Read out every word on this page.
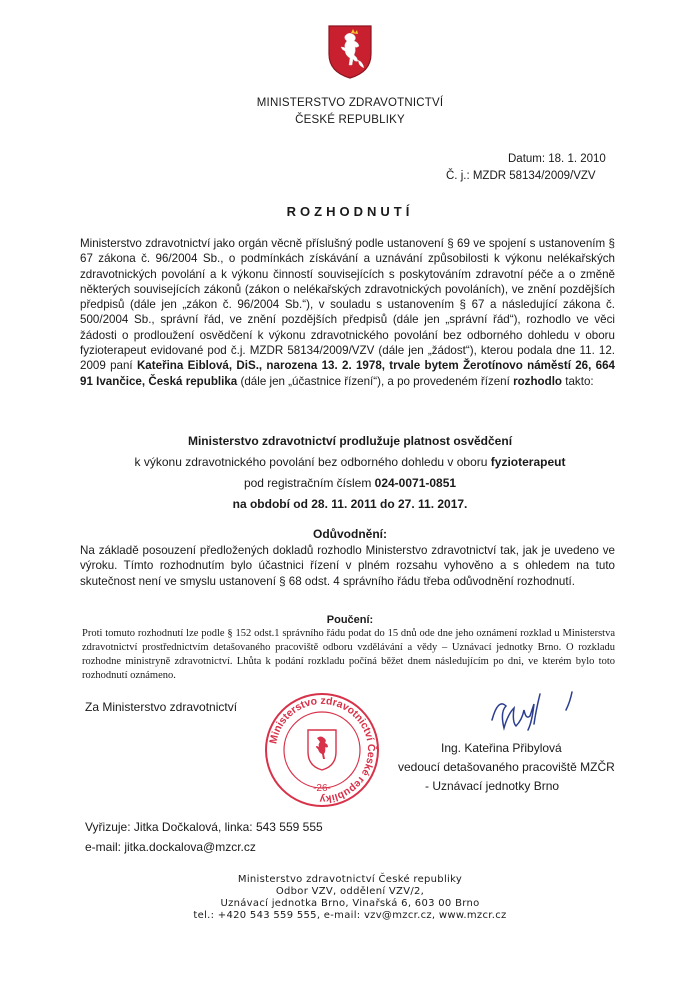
MINISTERSTVO ZDRAVOTNICTVÍ
ČESKÉ REPUBLIKY
Datum: 18. 1. 2010
Č. j.: MZDR 58134/2009/VZV
ROZHODNUTÍ
Ministerstvo zdravotnictví jako orgán věcně příslušný podle ustanovení § 69 ve spojení s ustanovením § 67 zákona č. 96/2004 Sb., o podmínkách získávání a uznávání způsobilosti k výkonu nelékařských zdravotnických povolání a k výkonu činností souvisejících s poskytováním zdravotní péče a o změně některých souvisejících zákonů (zákon o nelékařských zdravotnických povoláních), ve znění pozdějších předpisů (dále jen „zákon č. 96/2004 Sb.“), v souladu s ustanovením § 67 a následující zákona č. 500/2004 Sb., správní řád, ve znění pozdějších předpisů (dále jen „správní řád“), rozhodlo ve věci žádosti o prodloužení osvědčení k výkonu zdravotnického povolání bez odborného dohledu v oboru fyzioterapeut evidované pod č.j. MZDR 58134/2009/VZV (dále jen „žádost“), kterou podala dne 11. 12. 2009 paní Kateřina Eiblová, DiS., narozena 13. 2. 1978, trvale bytem Žerotínovo náměstí 26, 664 91 Ivančice, Česká republika (dále jen „účastnice řízení“), a po provedeném řízení rozhodlo takto:
Ministerstvo zdravotnictví prodlužuje platnost osvědčení
k výkonu zdravotnického povolání bez odborného dohledu v oboru fyzioterapeut
pod registračním číslem 024-0071-0851
na období od 28. 11. 2011 do 27. 11. 2017.
Odůvodnění:
Na základě posouzení předložených dokladů rozhodlo Ministerstvo zdravotnictví tak, jak je uvedeno ve výroku. Tímto rozhodnutím bylo účastnici řízení v plném rozsahu vyhověno a s ohledem na tuto skutečnost není ve smyslu ustanovení § 68 odst. 4 správního řádu třeba odůvodnění rozhodnutí.
Poučení:
Proti tomuto rozhodnutí lze podle § 152 odst.1 správního řádu podat do 15 dnů ode dne jeho oznámení rozklad u Ministerstva zdravotnictví prostřednictvím detašovaného pracoviště odboru vzdělávání a vědy – Uznávací jednotky Brno. O rozkladu rozhodne ministryně zdravotnictví. Lhůta k podání rozkladu počíná běžet dnem následujícím po dni, ve kterém bylo toto rozhodnutí oznámeno.
Za Ministerstvo zdravotnictví
Ministerstvo zdravotnictví České republiky
-26-
Ing. Kateřina Přibylová
vedoucí detašovaného pracoviště MZČR
- Uznávací jednotky Brno
Vyřizuje: Jitka Dočkalová, linka: 543 559 555
e-mail: jitka.dockalova@mzcr.cz
Ministerstvo zdravotnictví České republiky
Odbor VZV, oddělení VZV/2,
Uznávací jednotka Brno, Vinařská 6, 603 00 Brno
tel.: +420 543 559 555, e-mail: vzv@mzcr.cz, www.mzcr.cz
